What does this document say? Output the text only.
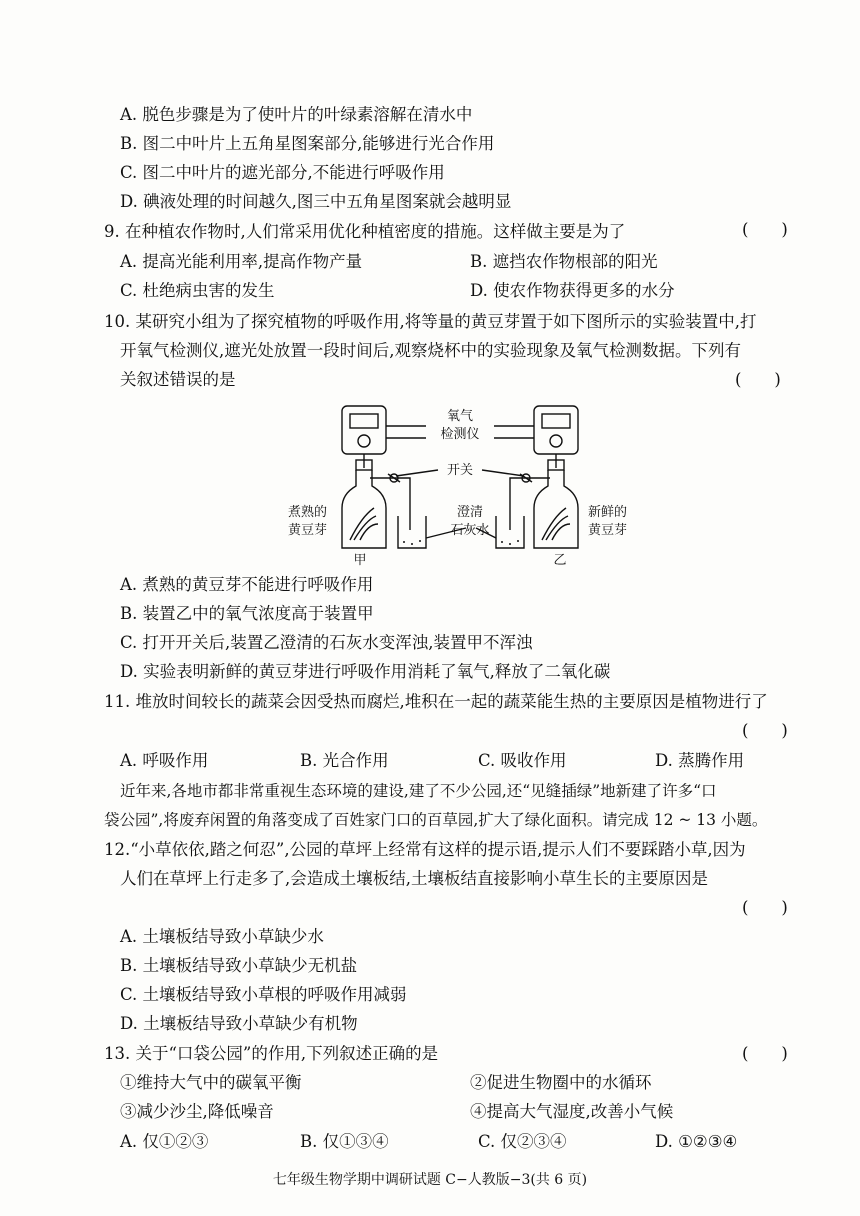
A. 脱色步骤是为了使叶片的叶绿素溶解在清水中
B. 图二中叶片上五角星图案部分,能够进行光合作用
C. 图二中叶片的遮光部分,不能进行呼吸作用
D. 碘液处理的时间越久,图三中五角星图案就会越明显
9. 在种植农作物时,人们常采用优化种植密度的措施。这样做主要是为了	(　　)
A. 提高光能利用率,提高作物产量	B. 遮挡农作物根部的阳光
C. 杜绝病虫害的发生	D. 使农作物获得更多的水分
10. 某研究小组为了探究植物的呼吸作用,将等量的黄豆芽置于如下图所示的实验装置中,打
开氧气检测仪,遮光处放置一段时间后,观察烧杯中的实验现象及氧气检测数据。下列有
关叙述错误的是	(　　)
氧气
检测仪
开关
煮熟的
黄豆芽
澄清
石灰水
新鲜的
黄豆芽
甲	乙
A. 煮熟的黄豆芽不能进行呼吸作用
B. 装置乙中的氧气浓度高于装置甲
C. 打开开关后,装置乙澄清的石灰水变浑浊,装置甲不浑浊
D. 实验表明新鲜的黄豆芽进行呼吸作用消耗了氧气,释放了二氧化碳
11. 堆放时间较长的蔬菜会因受热而腐烂,堆积在一起的蔬菜能生热的主要原因是植物进行了
(　　)
A. 呼吸作用	B. 光合作用	C. 吸收作用	D. 蒸腾作用
近年来,各地市都非常重视生态环境的建设,建了不少公园,还“见缝插绿”地新建了许多“口
袋公园”,将废弃闲置的角落变成了百姓家门口的百草园,扩大了绿化面积。请完成 12 ~ 13 小题。
12.“小草依依,踏之何忍”,公园的草坪上经常有这样的提示语,提示人们不要踩踏小草,因为
人们在草坪上行走多了,会造成土壤板结,土壤板结直接影响小草生长的主要原因是
(　　)
A. 土壤板结导致小草缺少水
B. 土壤板结导致小草缺少无机盐
C. 土壤板结导致小草根的呼吸作用减弱
D. 土壤板结导致小草缺少有机物
13. 关于“口袋公园”的作用,下列叙述正确的是	(　　)
①维持大气中的碳氧平衡	②促进生物圈中的水循环
③减少沙尘,降低噪音	④提高大气湿度,改善小气候
A. 仅①②③	B. 仅①③④	C. 仅②③④	D. ①②③④
七年级生物学期中调研试题 C−人教版−3(共 6 页)
